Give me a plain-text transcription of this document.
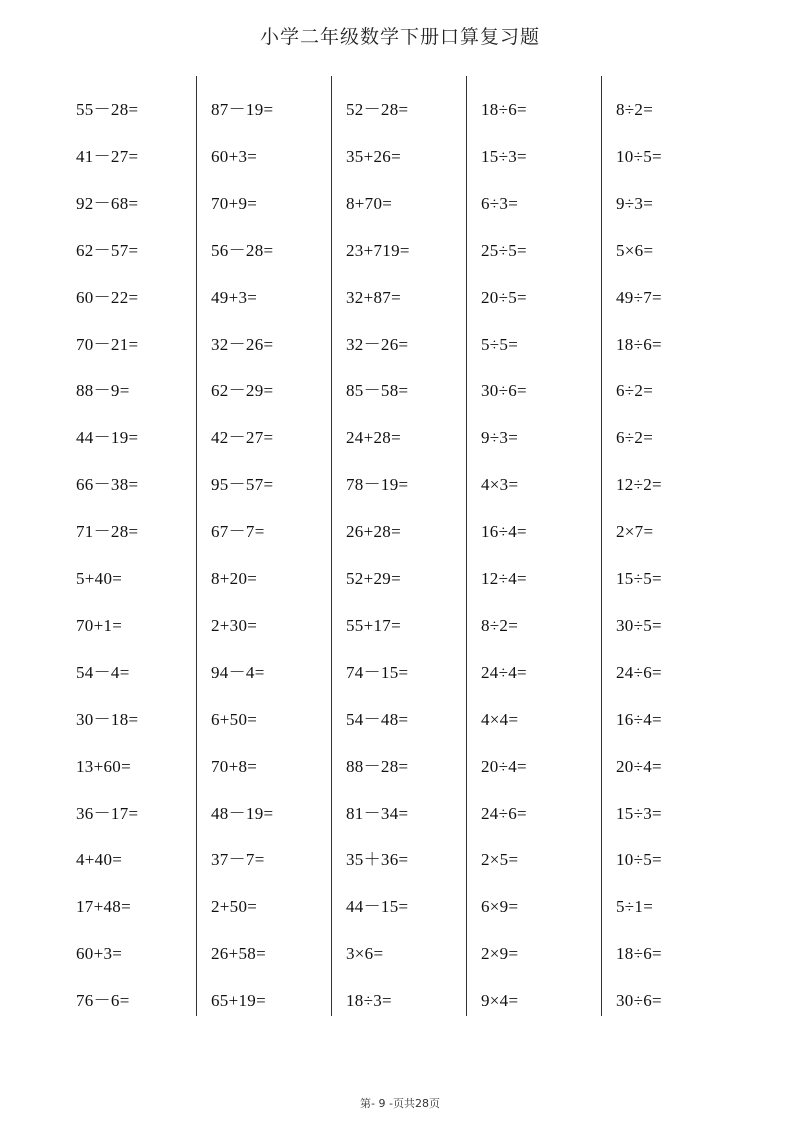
小学二年级数学下册口算复习题
55－28=
41－27=
92－68=
62－57=
60－22=
70－21=
88－9=
44－19=
66－38=
71－28=
5+40=
70+1=
54－4=
30－18=
13+60=
36－17=
4+40=
17+48=
60+3=
76－6=
87－19=
60+3=
70+9=
56－28=
49+3=
32－26=
62－29=
42－27=
95－57=
67－7=
8+20=
2+30=
94－4=
6+50=
70+8=
48－19=
37－7=
2+50=
26+58=
65+19=
52－28=
35+26=
8+70=
23+719=
32+87=
32－26=
85－58=
24+28=
78－19=
26+28=
52+29=
55+17=
74－15=
54－48=
88－28=
81－34=
35＋36=
44－15=
3×6=
18÷3=
18÷6=
15÷3=
6÷3=
25÷5=
20÷5=
5÷5=
30÷6=
9÷3=
4×3=
16÷4=
12÷4=
8÷2=
24÷4=
4×4=
20÷4=
24÷6=
2×5=
6×9=
2×9=
9×4=
8÷2=
10÷5=
9÷3=
5×6=
49÷7=
18÷6=
6÷2=
6÷2=
12÷2=
2×7=
15÷5=
30÷5=
24÷6=
16÷4=
20÷4=
15÷3=
10÷5=
5÷1=
18÷6=
30÷6=
第- 9 -页共28页
